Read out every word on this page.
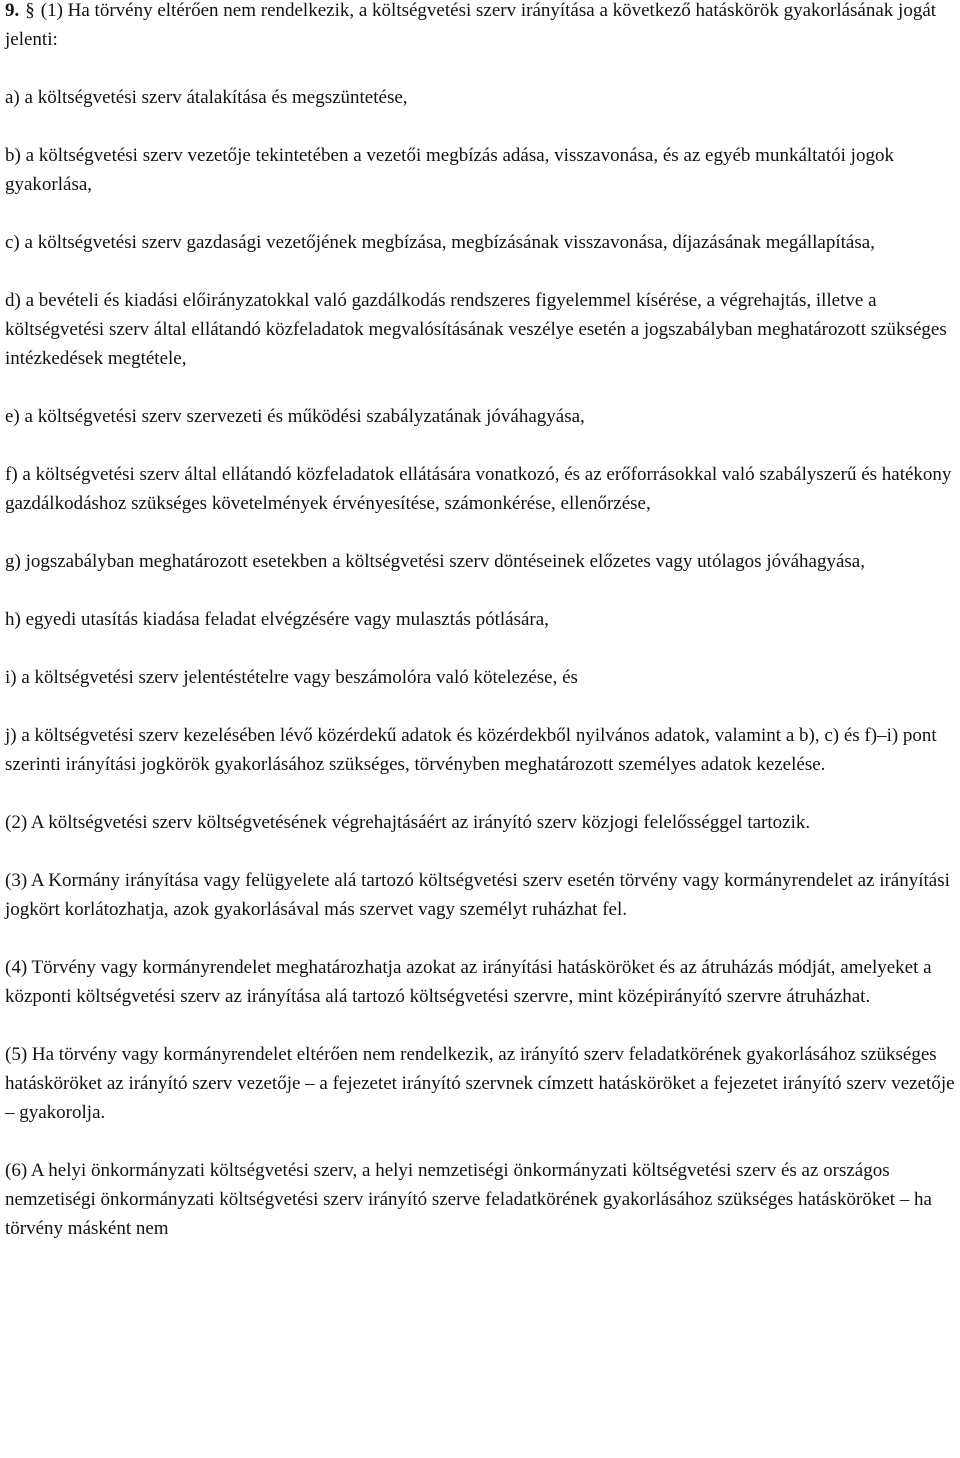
9. § (1) Ha törvény eltérően nem rendelkezik, a költségvetési szerv irányítása a következő hatáskörök gyakorlásának jogát jelenti:

a) a költségvetési szerv átalakítása és megszüntetése,

b) a költségvetési szerv vezetője tekintetében a vezetői megbízás adása, visszavonása, és az egyéb munkáltatói jogok gyakorlása,

c) a költségvetési szerv gazdasági vezetőjének megbízása, megbízásának visszavonása, díjazásának megállapítása,

d) a bevételi és kiadási előirányzatokkal való gazdálkodás rendszeres figyelemmel kísérése, a végrehajtás, illetve a költségvetési szerv által ellátandó közfeladatok megvalósításának veszélye esetén a jogszabályban meghatározott szükséges intézkedések megtétele,

e) a költségvetési szerv szervezeti és működési szabályzatának jóváhagyása,

f) a költségvetési szerv által ellátandó közfeladatok ellátására vonatkozó, és az erőforrásokkal való szabályszerű és hatékony gazdálkodáshoz szükséges követelmények érvényesítése, számonkérése, ellenőrzése,

g) jogszabályban meghatározott esetekben a költségvetési szerv döntéseinek előzetes vagy utólagos jóváhagyása,

h) egyedi utasítás kiadása feladat elvégzésére vagy mulasztás pótlására,

i) a költségvetési szerv jelentéstételre vagy beszámolóra való kötelezése, és

j) a költségvetési szerv kezelésében lévő közérdekű adatok és közérdekből nyilvános adatok, valamint a b), c) és f)–i) pont szerinti irányítási jogkörök gyakorlásához szükséges, törvényben meghatározott személyes adatok kezelése.

(2) A költségvetési szerv költségvetésének végrehajtásáért az irányító szerv közjogi felelősséggel tartozik.

(3) A Kormány irányítása vagy felügyelete alá tartozó költségvetési szerv esetén törvény vagy kormányrendelet az irányítási jogkört korlátozhatja, azok gyakorlásával más szervet vagy személyt ruházhat fel.

(4) Törvény vagy kormányrendelet meghatározhatja azokat az irányítási hatásköröket és az átruházás módját, amelyeket a központi költségvetési szerv az irányítása alá tartozó költségvetési szervre, mint középirányító szervre átruházhat.

(5) Ha törvény vagy kormányrendelet eltérően nem rendelkezik, az irányító szerv feladatkörének gyakorlásához szükséges hatásköröket az irányító szerv vezetője – a fejezetet irányító szervnek címzett hatásköröket a fejezetet irányító szerv vezetője – gyakorolja.

(6) A helyi önkormányzati költségvetési szerv, a helyi nemzetiségi önkormányzati költségvetési szerv és az országos nemzetiségi önkormányzati költségvetési szerv irányító szerve feladatkörének gyakorlásához szükséges hatásköröket – ha törvény másként nem
